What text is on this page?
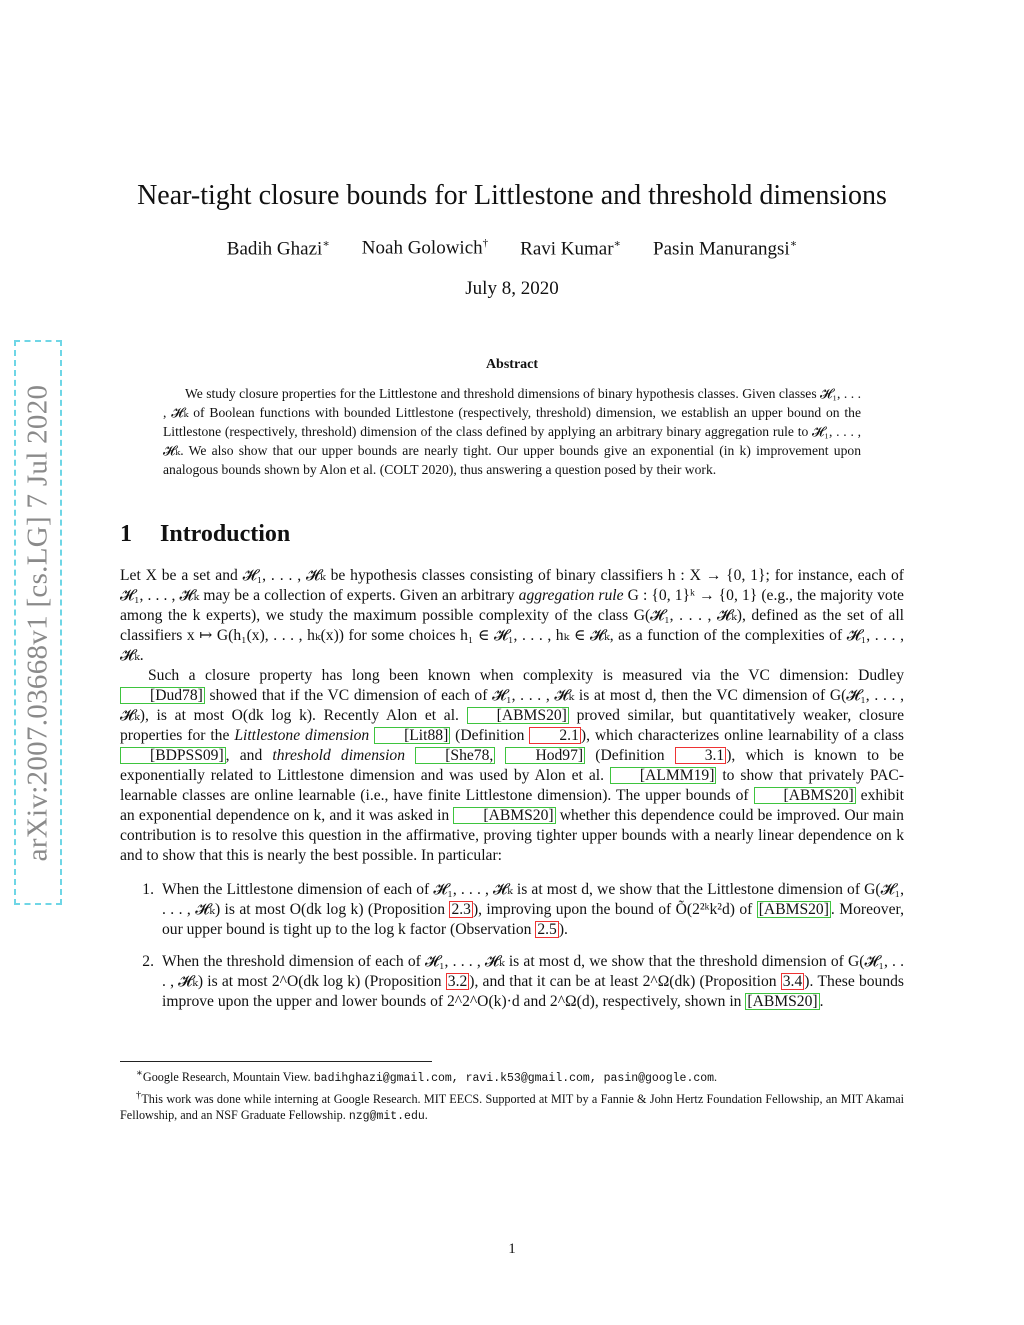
arXiv:2007.03668v1 [cs.LG] 7 Jul 2020
Near-tight closure bounds for Littlestone and threshold dimensions
Badih Ghazi∗ Noah Golowich† Ravi Kumar∗ Pasin Manurangsi∗
July 8, 2020
Abstract

We study closure properties for the Littlestone and threshold dimensions of binary hypothesis classes. Given classes 𝓗₁, . . . , 𝓗ₖ of Boolean functions with bounded Littlestone (respectively, threshold) dimension, we establish an upper bound on the Littlestone (respectively, threshold) dimension of the class defined by applying an arbitrary binary aggregation rule to 𝓗₁, . . . , 𝓗ₖ. We also show that our upper bounds are nearly tight. Our upper bounds give an exponential (in k) improvement upon analogous bounds shown by Alon et al. (COLT 2020), thus answering a question posed by their work.

1 Introduction

Let X be a set and 𝓗₁, . . . , 𝓗ₖ be hypothesis classes consisting of binary classifiers h : X → {0, 1}; for instance, each of 𝓗₁, . . . , 𝓗ₖ may be a collection of experts. Given an arbitrary aggregation rule G : {0, 1}ᵏ → {0, 1} (e.g., the majority vote among the k experts), we study the maximum possible complexity of the class G(𝓗₁, . . . , 𝓗ₖ), defined as the set of all classifiers x ↦ G(h₁(x), . . . , hₖ(x)) for some choices h₁ ∈ 𝓗₁, . . . , hₖ ∈ 𝓗ₖ, as a function of the complexities of 𝓗₁, . . . , 𝓗ₖ.

Such a closure property has long been known when complexity is measured via the VC dimension: Dudley [Dud78] showed that if the VC dimension of each of 𝓗₁, . . . , 𝓗ₖ is at most d, then the VC dimension of G(𝓗₁, . . . , 𝓗ₖ), is at most O(dk log k). Recently Alon et al. [ABMS20] proved similar, but quantitatively weaker, closure properties for the Littlestone dimension [Lit88] (Definition 2.1 ), which characterizes online learnability of a class [BDPSS09] , and threshold dimension	[She78,	Hod97] (Definition 3.1 ), which is known to be exponentially related to Littlestone dimension and was used by Alon et al. [ALMM19] to show that privately PAC-learnable classes are online learnable (i.e., have finite Littlestone dimension). The upper bounds of [ABMS20] exhibit an exponential dependence on k, and it was asked in [ABMS20] whether this dependence could be improved. Our main contribution is to resolve this question in the affirmative, proving tighter upper bounds with a nearly linear dependence on k and to show that this is nearly the best possible. In particular:

1. When the Littlestone dimension of each of 𝓗₁, . . . , 𝓗ₖ is at most d, we show that the Littlestone dimension of G(𝓗₁, . . . , 𝓗ₖ) is at most O(dk log k) (Proposition 2.3 ), improving upon the bound of Õ(2²ᵏk²d) of [ABMS20] . Moreover, our upper bound is tight up to the log k factor (Observation 2.5 ).
2. When the threshold dimension of each of 𝓗₁, . . . , 𝓗ₖ is at most d, we show that the threshold dimension of G(𝓗₁, . . . , 𝓗ₖ) is at most 2^O(dk log k) (Proposition 3.2 ), and that it can be at least 2^Ω(dk) (Proposition 3.4 ). These bounds improve upon the upper and lower bounds of 2^2^O(k)·d and 2^Ω(d), respectively, shown in [ABMS20] .

∗Google Research, Mountain View. badihghazi@gmail.com, ravi.k53@gmail.com, pasin@google.com.

†This work was done while interning at Google Research. MIT EECS. Supported at MIT by a Fannie & John Hertz Foundation Fellowship, an MIT Akamai Fellowship, and an NSF Graduate Fellowship. nzg@mit.edu.

1
